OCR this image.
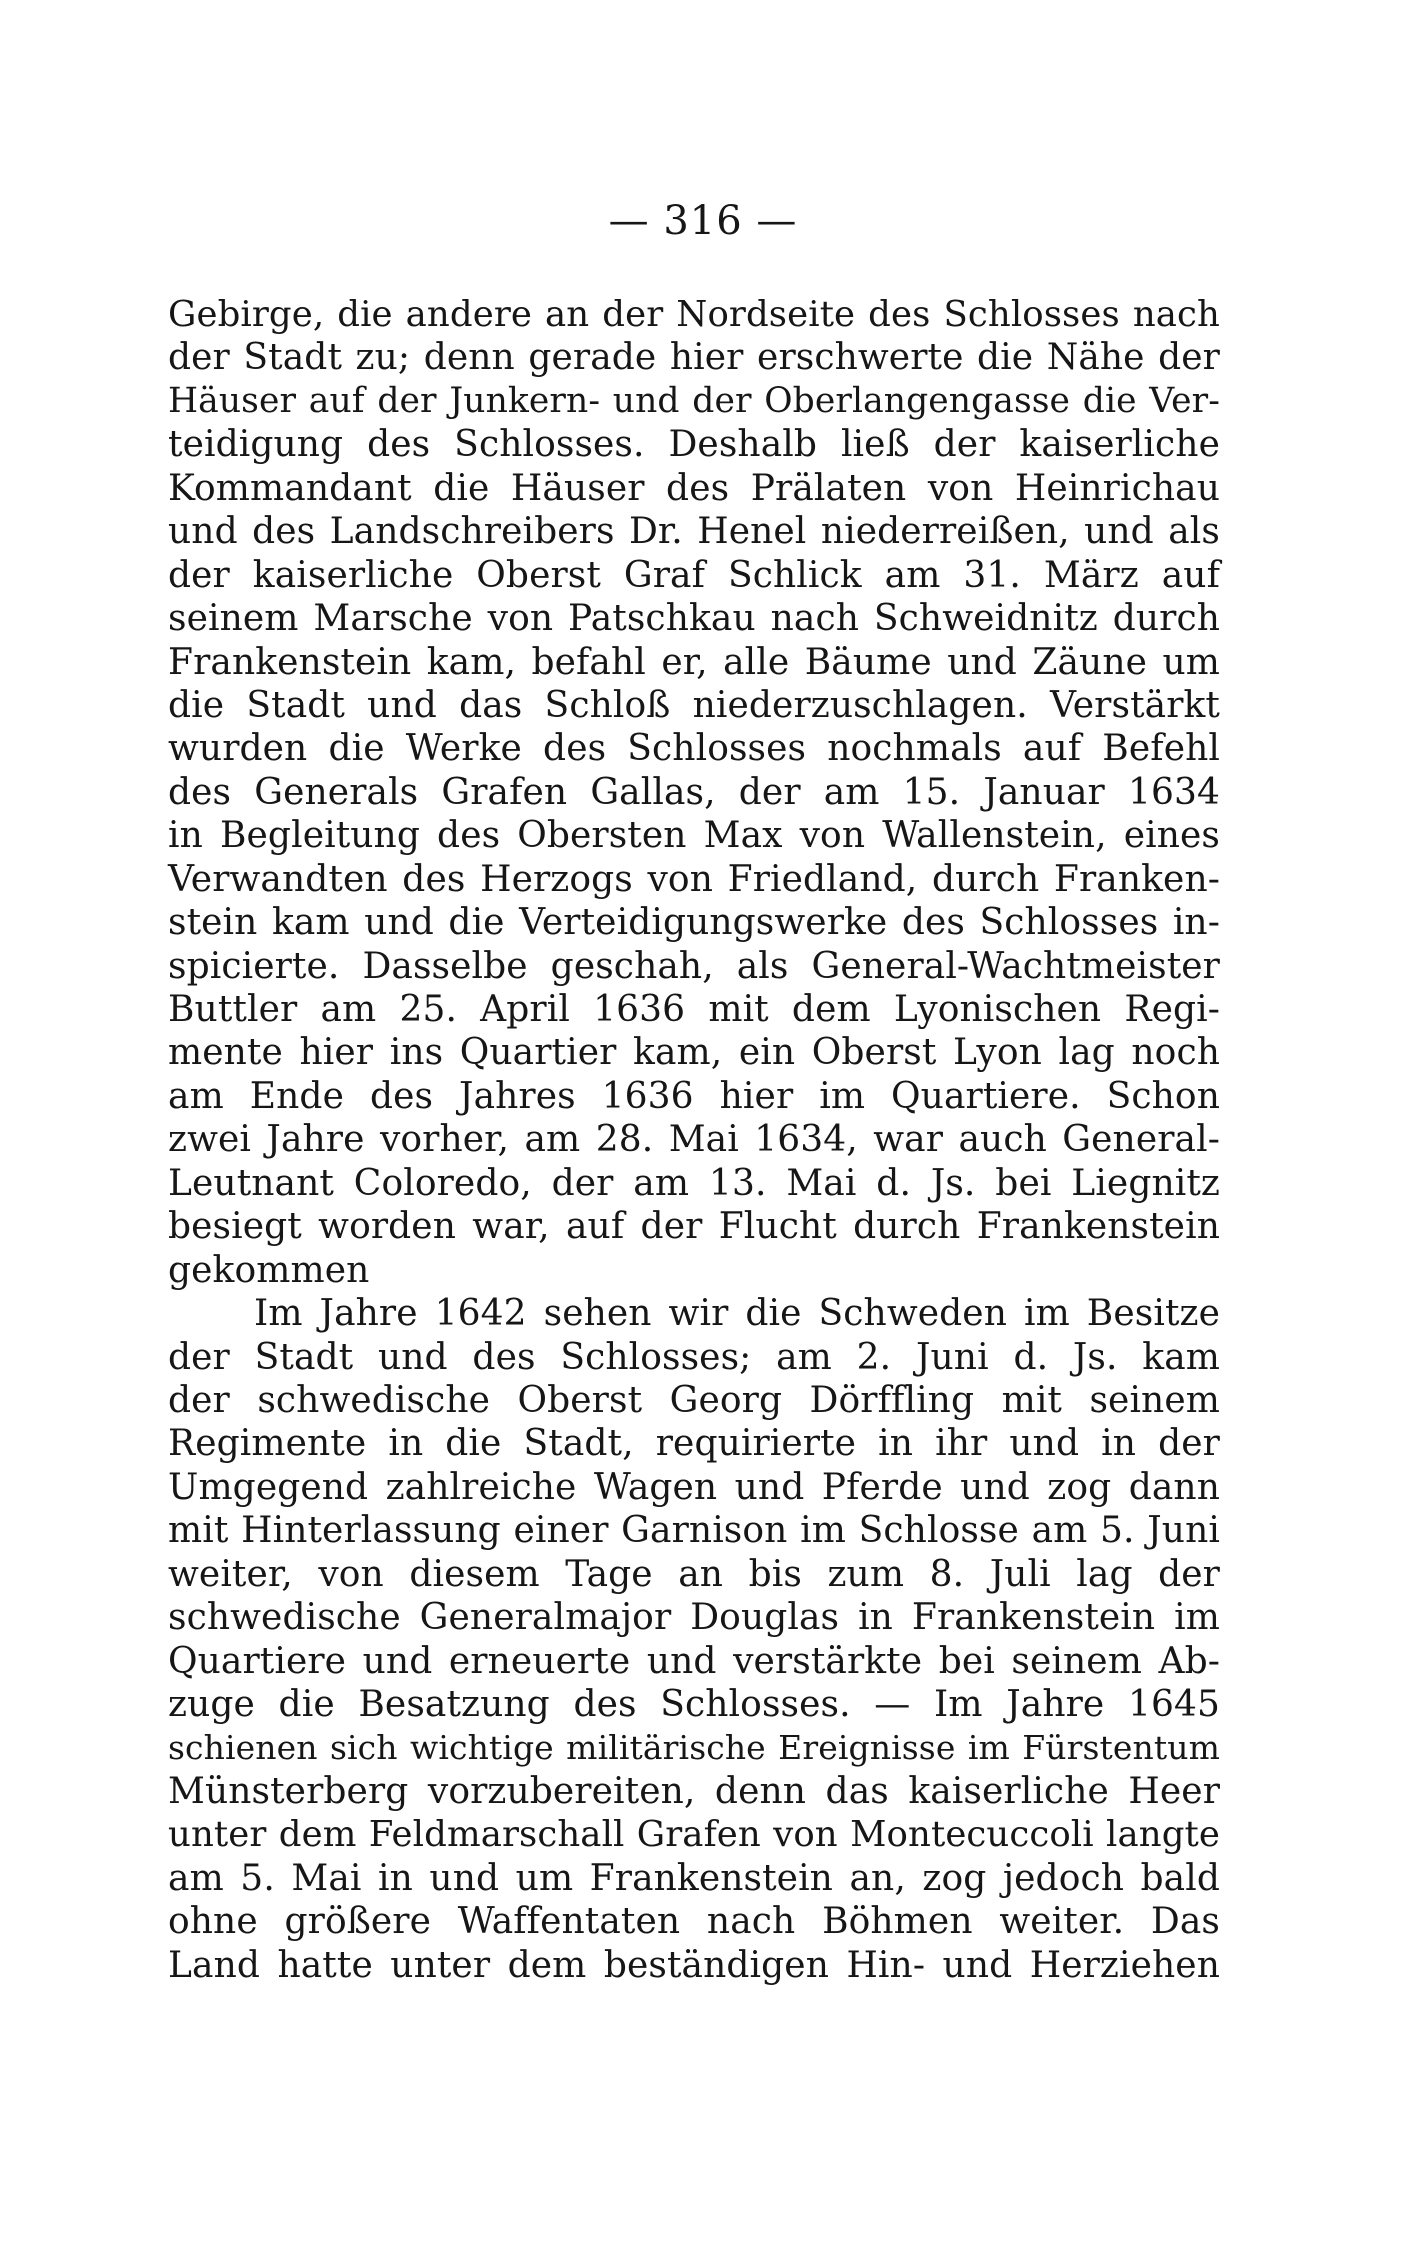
— 316 —
Gebirge, die andere an der Nordseite des Schlosses nach
der Stadt zu; denn gerade hier erschwerte die Nähe der
Häuser auf der Junkern- und der Oberlangengasse die Ver-
teidigung des Schlosses. Deshalb ließ der kaiserliche
Kommandant die Häuser des Prälaten von Heinrichau
und des Landschreibers Dr. Henel niederreißen, und als
der kaiserliche Oberst Graf Schlick am 31. März auf
seinem Marsche von Patschkau nach Schweidnitz durch
Frankenstein kam, befahl er, alle Bäume und Zäune um
die Stadt und das Schloß niederzuschlagen. Verstärkt
wurden die Werke des Schlosses nochmals auf Befehl
des Generals Grafen Gallas, der am 15. Januar 1634
in Begleitung des Obersten Max von Wallenstein, eines
Verwandten des Herzogs von Friedland, durch Franken-
stein kam und die Verteidigungswerke des Schlosses in-
spicierte. Dasselbe geschah, als General-Wachtmeister
Buttler am 25. April 1636 mit dem Lyonischen Regi-
mente hier ins Quartier kam, ein Oberst Lyon lag noch
am Ende des Jahres 1636 hier im Quartiere. Schon
zwei Jahre vorher, am 28. Mai 1634, war auch General-
Leutnant Coloredo, der am 13. Mai d. Js. bei Liegnitz
besiegt worden war, auf der Flucht durch Frankenstein
gekommen
Im Jahre 1642 sehen wir die Schweden im Besitze
der Stadt und des Schlosses; am 2. Juni d. Js. kam
der schwedische Oberst Georg Dörffling mit seinem
Regimente in die Stadt, requirierte in ihr und in der
Umgegend zahlreiche Wagen und Pferde und zog dann
mit Hinterlassung einer Garnison im Schlosse am 5. Juni
weiter, von diesem Tage an bis zum 8. Juli lag der
schwedische Generalmajor Douglas in Frankenstein im
Quartiere und erneuerte und verstärkte bei seinem Ab-
zuge die Besatzung des Schlosses. — Im Jahre 1645
schienen sich wichtige militärische Ereignisse im Fürstentum
Münsterberg vorzubereiten, denn das kaiserliche Heer
unter dem Feldmarschall Grafen von Montecuccoli langte
am 5. Mai in und um Frankenstein an, zog jedoch bald
ohne größere Waffentaten nach Böhmen weiter. Das
Land hatte unter dem beständigen Hin- und Herziehen
